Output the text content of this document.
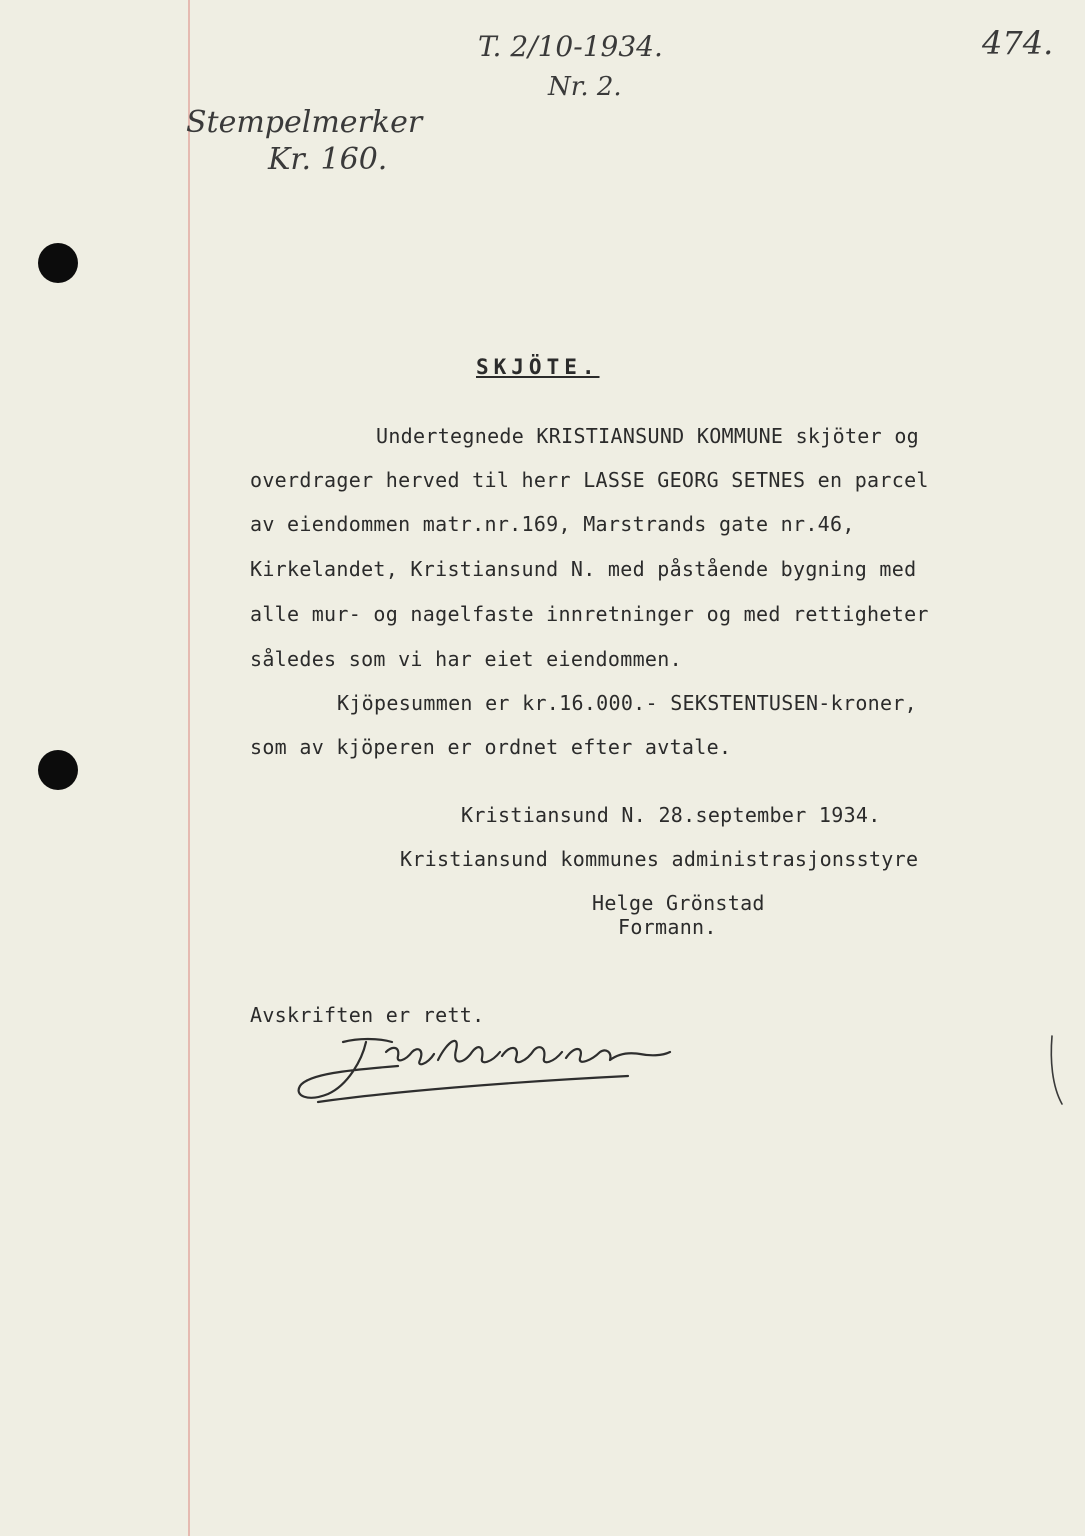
T. 2/10-1934.
Nr. 2.
474.
Stempelmerker
Kr. 160.
SKJÖTE.
Undertegnede KRISTIANSUND KOMMUNE skjöter og
overdrager herved til herr LASSE GEORG SETNES en parcel
av eiendommen matr.nr.169, Marstrands gate nr.46,
Kirkelandet, Kristiansund N. med påstående bygning med
alle mur- og nagelfaste innretninger og med rettigheter
således som vi har eiet eiendommen.
Kjöpesummen er kr.16.000.- SEKSTENTUSEN-kroner,
som av kjöperen er ordnet efter avtale.
Kristiansund N. 28.september 1934.
Kristiansund kommunes administrasjonsstyre
Helge Grönstad
Formann.
Avskriften er rett.
